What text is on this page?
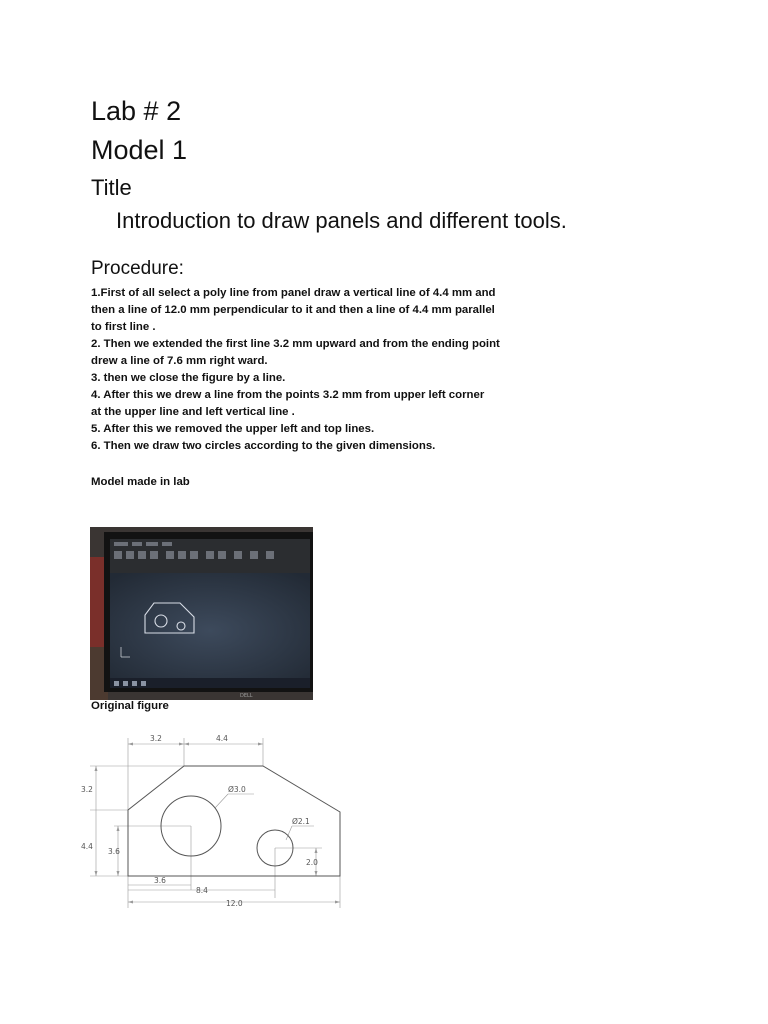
Lab # 2
Model 1
Title

Introduction to draw panels and different tools.

Procedure:
1.First of all select a poly line from panel draw a vertical line of 4.4 mm and
then a line of 12.0 mm perpendicular to it and then a line of 4.4 mm parallel
to first line .
2. Then we extended the first line 3.2 mm upward and from the ending point
drew a line of 7.6 mm right ward.
3. then we close the figure by a line.
4. After this we drew a line from the points 3.2 mm from upper left corner
at the upper line and left vertical line .
5. After this we removed the upper left and top lines.
6. Then we draw two circles according to the given dimensions.

Model made in lab

DELL

Original figure

3.2	4.4
3.2
4.4
3.6
Ø3.0
Ø2.1
2.0
3.6
8.4
12.0
